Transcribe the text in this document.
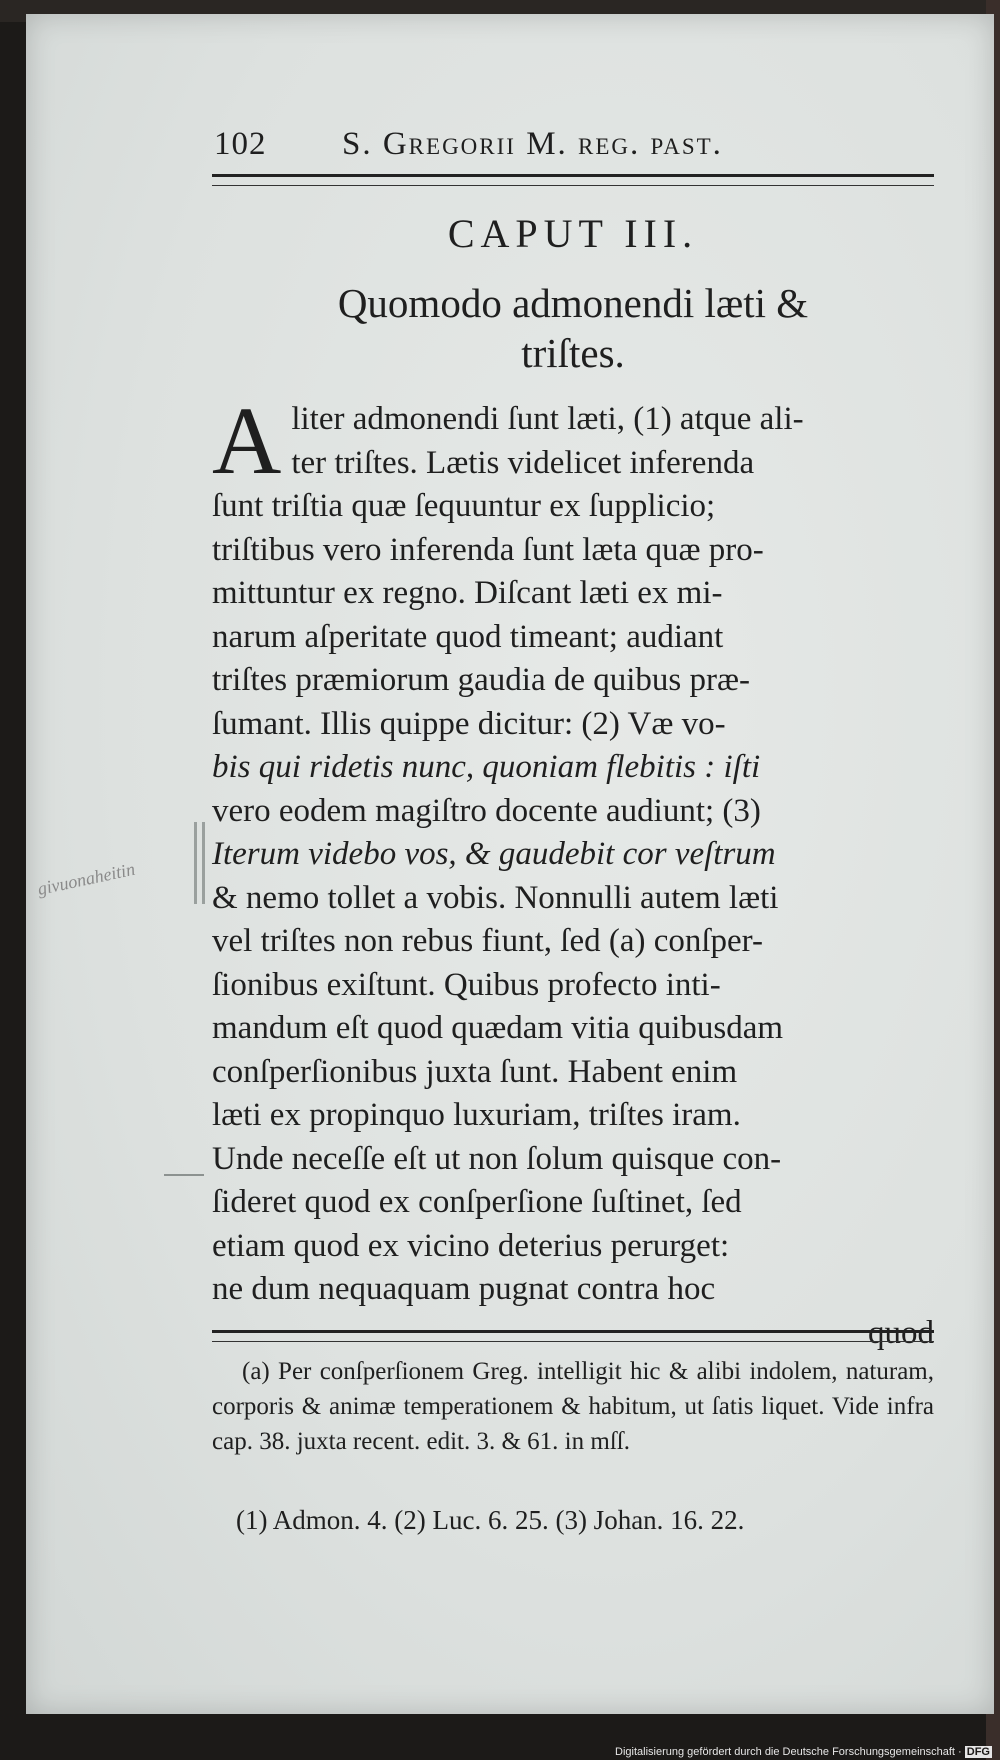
102 S. Gregorii M. reg. past.
CAPUT III.
Quomodo admonendi læti &
triſtes.
A liter admonendi ſunt læti, (1) atque ali-
ter triſtes. Lætis videlicet inferenda
ſunt triſtia quæ ſequuntur ex ſupplicio;
triſtibus vero inferenda ſunt læta quæ pro-
mittuntur ex regno. Diſcant læti ex mi-
narum aſperitate quod timeant; audiant
triſtes præmiorum gaudia de quibus præ-
ſumant. Illis quippe dicitur: (2) Væ vo-
bis qui ridetis nunc, quoniam flebitis : iſti
vero eodem magiſtro docente audiunt; (3)
Iterum videbo vos, & gaudebit cor veſtrum
& nemo tollet a vobis. Nonnulli autem læti
vel triſtes non rebus fiunt, ſed (a) conſper-
ſionibus exiſtunt. Quibus profecto inti-
mandum eſt quod quædam vitia quibusdam
conſperſionibus juxta ſunt. Habent enim
læti ex propinquo luxuriam, triſtes iram.
Unde neceſſe eſt ut non ſolum quisque con-
ſideret quod ex conſperſione ſuſtinet, ſed
etiam quod ex vicino deterius perurget:
ne dum nequaquam pugnat contra hoc
quod
(a) Per conſperſionem Greg. intelligit hic & alibi indolem, naturam, corporis & animæ temperationem & habitum, ut ſatis liquet. Vide infra cap. 38. juxta recent. edit. 3. & 61. in mſſ.
(1) Admon. 4. (2) Luc. 6. 25. (3) Johan. 16. 22.
givuonaheitin
Digitalisierung gefördert durch die Deutsche Forschungsgemeinschaft · DFG
